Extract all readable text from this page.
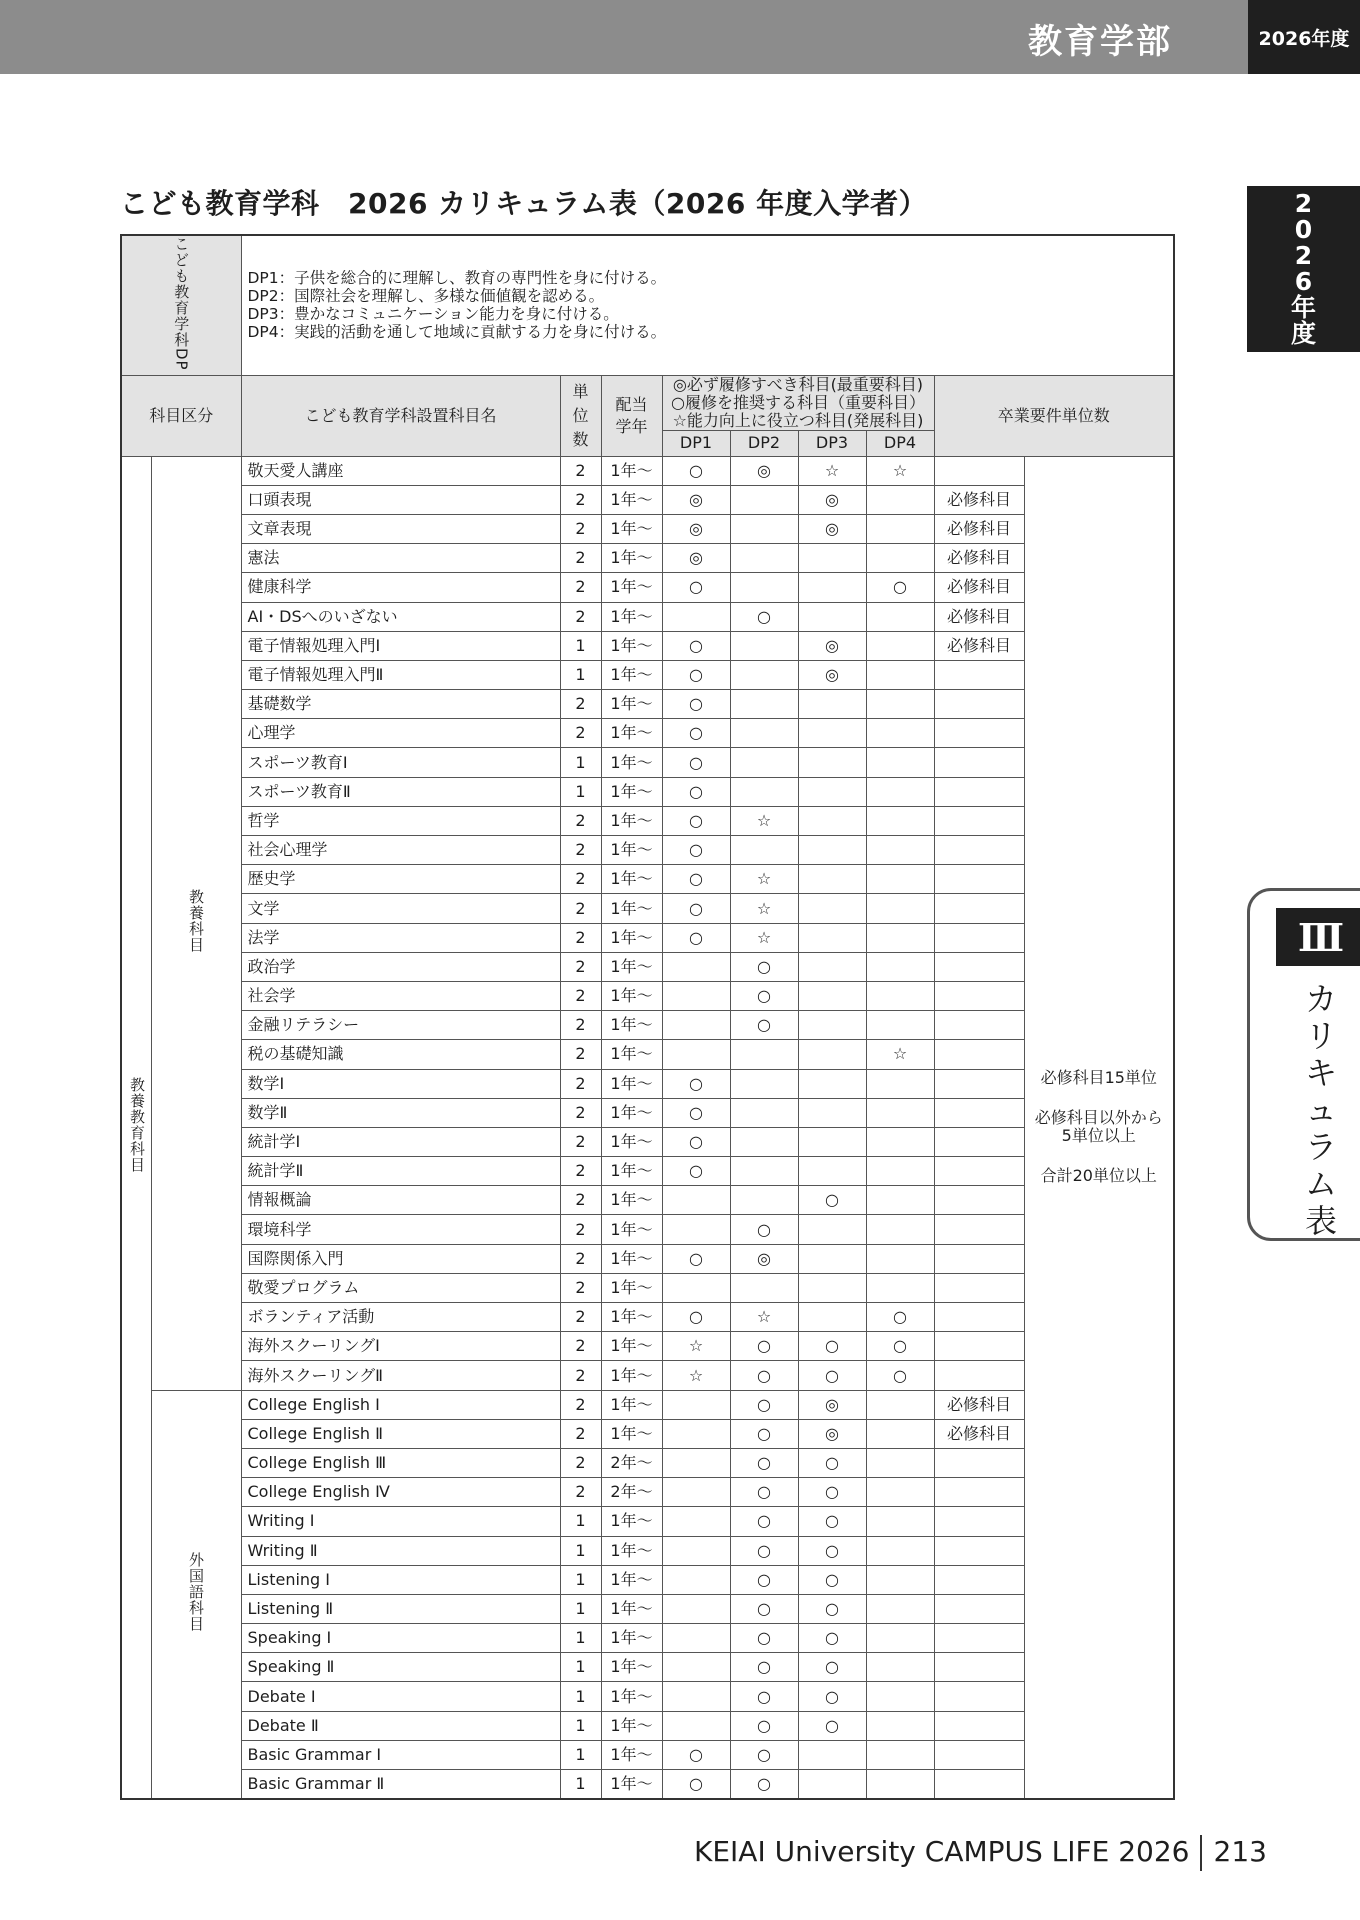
教育学部	2026年度
2
0
2
6
年
度
Ⅲ
カ
リ
キ
ュ
ラ
ム
表
こども教育学科　2026 カリキュラム表（2026 年度入学者）
こども教育学科DP		DP1：子供を総合的に理解し、教育の専門性を身に付ける。
DP2：国際社会を理解し、多様な価値観を認める。
DP3：豊かなコミュニケーション能力を身に付ける。
DP4：実践的活動を通して地域に貢献する力を身に付ける。								

科目区分		こども教育学科設置科目名	単位数	配当学年	◎必ず履修すべき科目(最重要科目)
○履修を推奨する科目（重要科目）
☆能力向上に役立つ科目(発展科目)				卒業要件単位数	
					DP1	DP2	DP3	DP4		
教養教育科目	教養科目	敬天愛人講座	2	1年〜	○	◎	☆	☆		必修科目15単位
必修科目以外から
5単位以上
合計20単位以上

		口頭表現	2	1年〜	◎		◎		必修科目	
		文章表現	2	1年〜	◎		◎		必修科目	
		憲法	2	1年〜	◎				必修科目	
		健康科学	2	1年〜	○			○	必修科目	
		AI・DSへのいざない	2	1年〜		○			必修科目	
		電子情報処理入門Ⅰ	1	1年〜	○		◎		必修科目	
		電子情報処理入門Ⅱ	1	1年〜	○		◎			
		基礎数学	2	1年〜	○					
		心理学	2	1年〜	○					
		スポーツ教育Ⅰ	1	1年〜	○					
		スポーツ教育Ⅱ	1	1年〜	○					
		哲学	2	1年〜	○	☆				
		社会心理学	2	1年〜	○					
		歴史学	2	1年〜	○	☆				
		文学	2	1年〜	○	☆				
		法学	2	1年〜	○	☆				
		政治学	2	1年〜		○				
		社会学	2	1年〜		○				
		金融リテラシー	2	1年〜		○				
		税の基礎知識	2	1年〜				☆		
		数学Ⅰ	2	1年〜	○					
		数学Ⅱ	2	1年〜	○					
		統計学Ⅰ	2	1年〜	○					
		統計学Ⅱ	2	1年〜	○					
		情報概論	2	1年〜			○			
		環境科学	2	1年〜		○				
		国際関係入門	2	1年〜	○	◎				
		敬愛プログラム	2	1年〜						
		ボランティア活動	2	1年〜	○	☆		○		
		海外スクーリングⅠ	2	1年〜	☆	○	○	○		
		海外スクーリングⅡ	2	1年〜	☆	○	○	○		
	外国語科目	College English Ⅰ	2	1年〜		○	◎		必修科目	
		College English Ⅱ	2	1年〜		○	◎		必修科目	
		College English Ⅲ	2	2年〜		○	○			
		College English Ⅳ	2	2年〜		○	○			
		Writing Ⅰ	1	1年〜		○	○			
		Writing Ⅱ	1	1年〜		○	○			
		Listening Ⅰ	1	1年〜		○	○			
		Listening Ⅱ	1	1年〜		○	○			
		Speaking Ⅰ	1	1年〜		○	○			
		Speaking Ⅱ	1	1年〜		○	○			
		Debate Ⅰ	1	1年〜		○	○			
		Debate Ⅱ	1	1年〜		○	○			
		Basic Grammar Ⅰ	1	1年〜	○	○				
		Basic Grammar Ⅱ	1	1年〜	○	○				
KEIAI University CAMPUS LIFE 2026 213
